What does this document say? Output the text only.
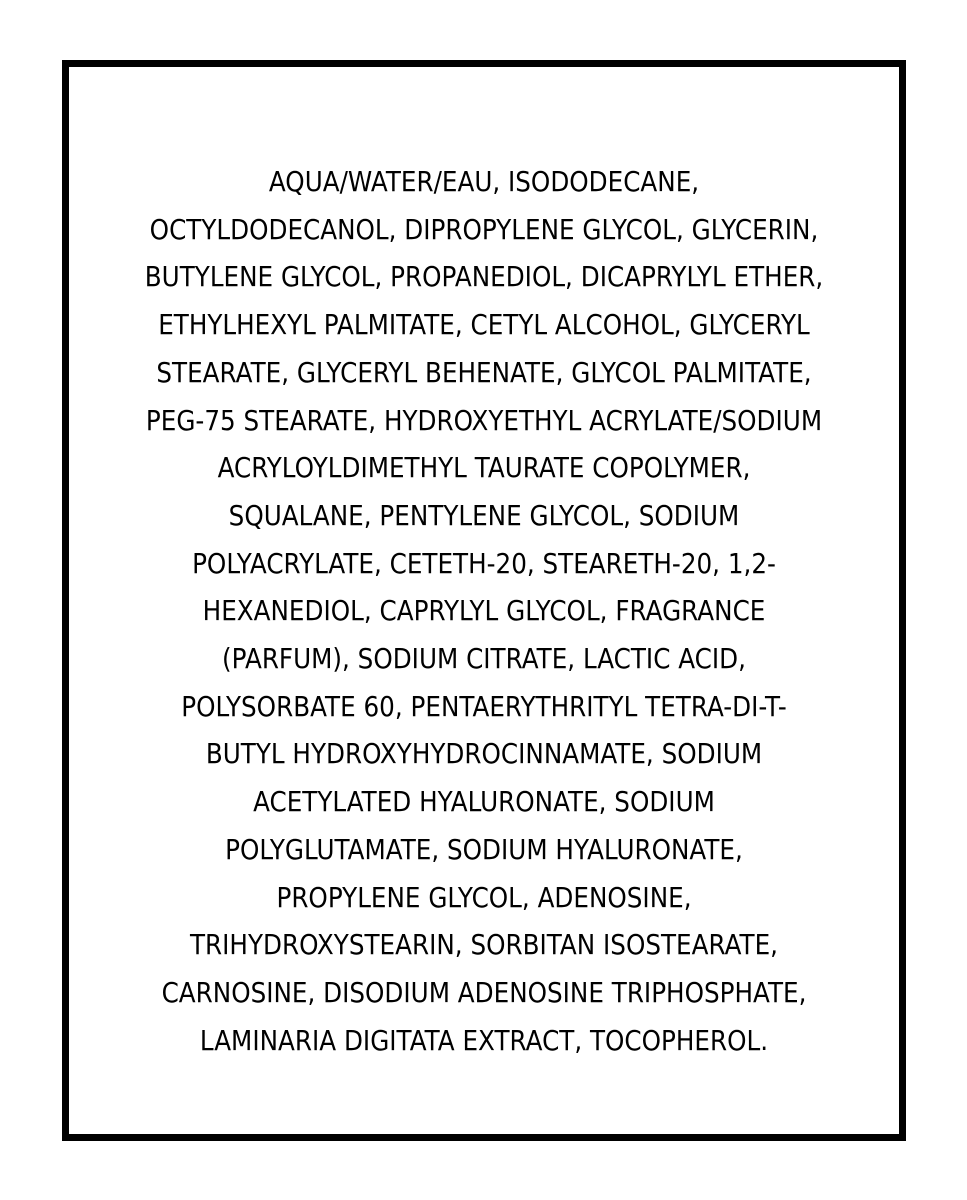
AQUA/WATER/EAU, ISODODECANE,
OCTYLDODECANOL, DIPROPYLENE GLYCOL, GLYCERIN,
BUTYLENE GLYCOL, PROPANEDIOL, DICAPRYLYL ETHER,
ETHYLHEXYL PALMITATE, CETYL ALCOHOL, GLYCERYL
STEARATE, GLYCERYL BEHENATE, GLYCOL PALMITATE,
PEG-75 STEARATE, HYDROXYETHYL ACRYLATE/SODIUM
ACRYLOYLDIMETHYL TAURATE COPOLYMER,
SQUALANE, PENTYLENE GLYCOL, SODIUM
POLYACRYLATE, CETETH-20, STEARETH-20, 1,2-
HEXANEDIOL, CAPRYLYL GLYCOL, FRAGRANCE
(PARFUM), SODIUM CITRATE, LACTIC ACID,
POLYSORBATE 60, PENTAERYTHRITYL TETRA-DI-T-
BUTYL HYDROXYHYDROCINNAMATE, SODIUM
ACETYLATED HYALURONATE, SODIUM
POLYGLUTAMATE, SODIUM HYALURONATE,
PROPYLENE GLYCOL, ADENOSINE,
TRIHYDROXYSTEARIN, SORBITAN ISOSTEARATE,
CARNOSINE, DISODIUM ADENOSINE TRIPHOSPHATE,
LAMINARIA DIGITATA EXTRACT, TOCOPHEROL.
